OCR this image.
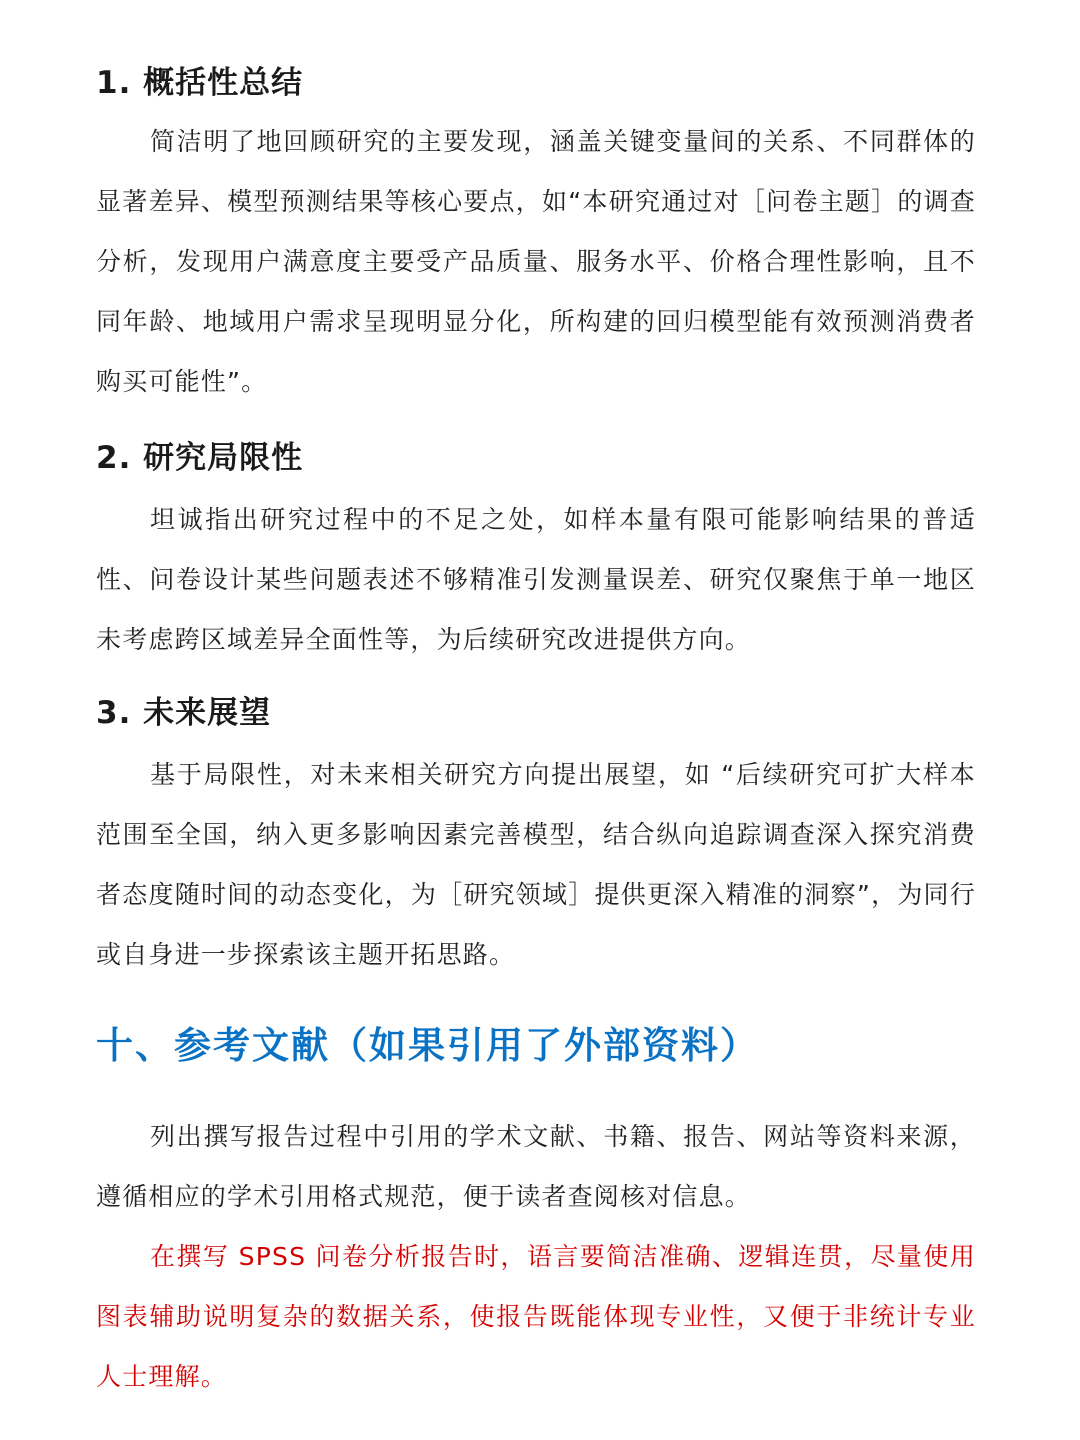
1. 概括性总结

简洁明了地回顾研究的主要发现，涵盖关键变量间的关系、不同群体的显著差异、模型预测结果等核心要点，如“本研究通过对［问卷主题］的调查分析，发现用户满意度主要受产品质量、服务水平、价格合理性影响，且不同年龄、地域用户需求呈现明显分化，所构建的回归模型能有效预测消费者购买可能性”。

2. 研究局限性

坦诚指出研究过程中的不足之处，如样本量有限可能影响结果的普适性、问卷设计某些问题表述不够精准引发测量误差、研究仅聚焦于单一地区未考虑跨区域差异全面性等，为后续研究改进提供方向。

3. 未来展望

基于局限性，对未来相关研究方向提出展望，如 “后续研究可扩大样本范围至全国，纳入更多影响因素完善模型，结合纵向追踪调查深入探究消费者态度随时间的动态变化，为［研究领域］提供更深入精准的洞察”，为同行或自身进一步探索该主题开拓思路。

十、参考文献（如果引用了外部资料）

列出撰写报告过程中引用的学术文献、书籍、报告、网站等资料来源，遵循相应的学术引用格式规范，便于读者查阅核对信息。

在撰写 SPSS 问卷分析报告时，语言要简洁准确、逻辑连贯，尽量使用图表辅助说明复杂的数据关系，使报告既能体现专业性，又便于非统计专业人士理解。
